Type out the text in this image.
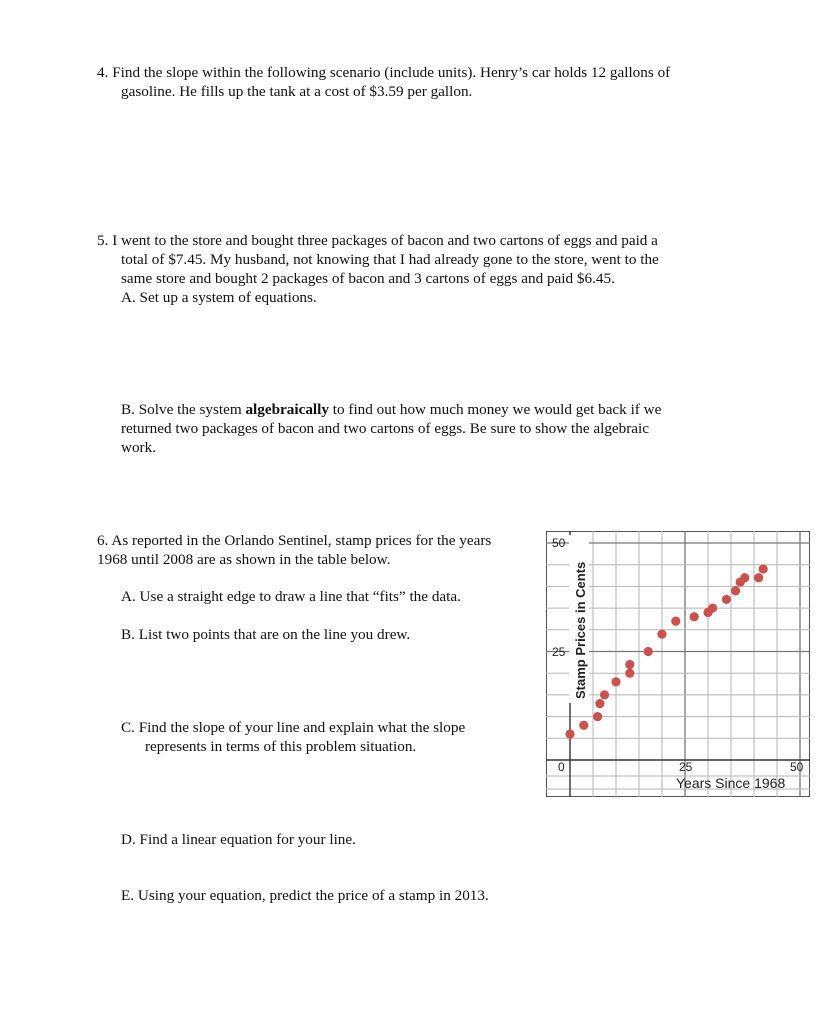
4. Find the slope within the following scenario (include units). Henry’s car holds 12 gallons of
gasoline. He fills up the tank at a cost of $3.59 per gallon.
5. I went to the store and bought three packages of bacon and two cartons of eggs and paid a
total of $7.45. My husband, not knowing that I had already gone to the store, went to the
same store and bought 2 packages of bacon and 3 cartons of eggs and paid $6.45.
A. Set up a system of equations.
B. Solve the system algebraically to find out how much money we would get back if we
returned two packages of bacon and two cartons of eggs. Be sure to show the algebraic
work.
6. As reported in the Orlando Sentinel, stamp prices for the years
1968 until 2008 are as shown in the table below.
A. Use a straight edge to draw a line that “fits” the data.
B. List two points that are on the line you drew.
C. Find the slope of your line and explain what the slope
represents in terms of this problem situation.
D. Find a linear equation for your line.
E. Using your equation, predict the price of a stamp in 2013.
Stamp Prices in Cents
50
25
0	25	50
Years Since 1968
